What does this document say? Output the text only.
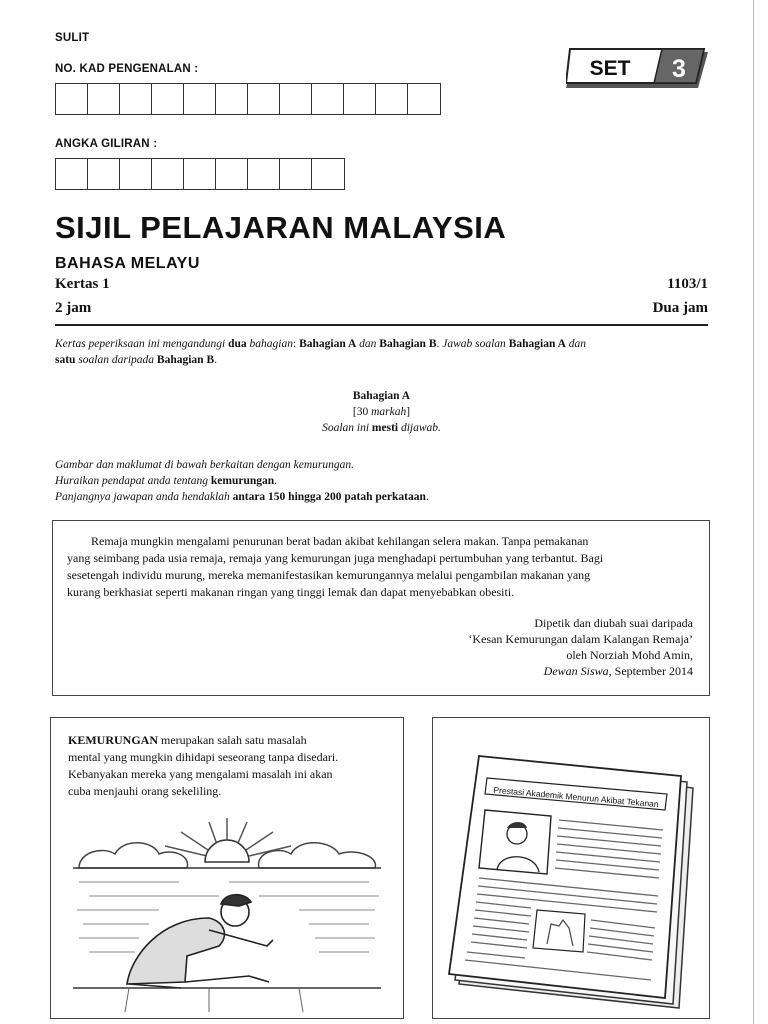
SULIT
NO. KAD PENGENALAN :
ANGKA GILIRAN :
SET 3
SIJIL PELAJARAN MALAYSIA
BAHASA MELAYU
Kertas 1	1103/1
2 jam	Dua jam
Kertas peperiksaan ini mengandungi dua bahagian: Bahagian A dan Bahagian B. Jawab soalan Bahagian A dan
satu soalan daripada Bahagian B.
Bahagian A
[30 markah]
Soalan ini mesti dijawab.
Gambar dan maklumat di bawah berkaitan dengan kemurungan.
Huraikan pendapat anda tentang kemurungan.
Panjangnya jawapan anda hendaklah antara 150 hingga 200 patah perkataan.
Remaja mungkin mengalami penurunan berat badan akibat kehilangan selera makan. Tanpa pemakanan
yang seimbang pada usia remaja, remaja yang kemurungan juga menghadapi pertumbuhan yang terbantut. Bagi
sesetengah individu murung, mereka memanifestasikan kemurungannya melalui pengambilan makanan yang
kurang berkhasiat seperti makanan ringan yang tinggi lemak dan dapat menyebabkan obesiti.
Dipetik dan diubah suai daripada
‘Kesan Kemurungan dalam Kalangan Remaja’
oleh Norziah Mohd Amin,
Dewan Siswa, September 2014
KEMURUNGAN merupakan salah satu masalah
mental yang mungkin dihidapi seseorang tanpa disedari.
Kebanyakan mereka yang mengalami masalah ini akan
cuba menjauhi orang sekeliling.	Prestasi Akademik Menurun Akibat Tekanan
